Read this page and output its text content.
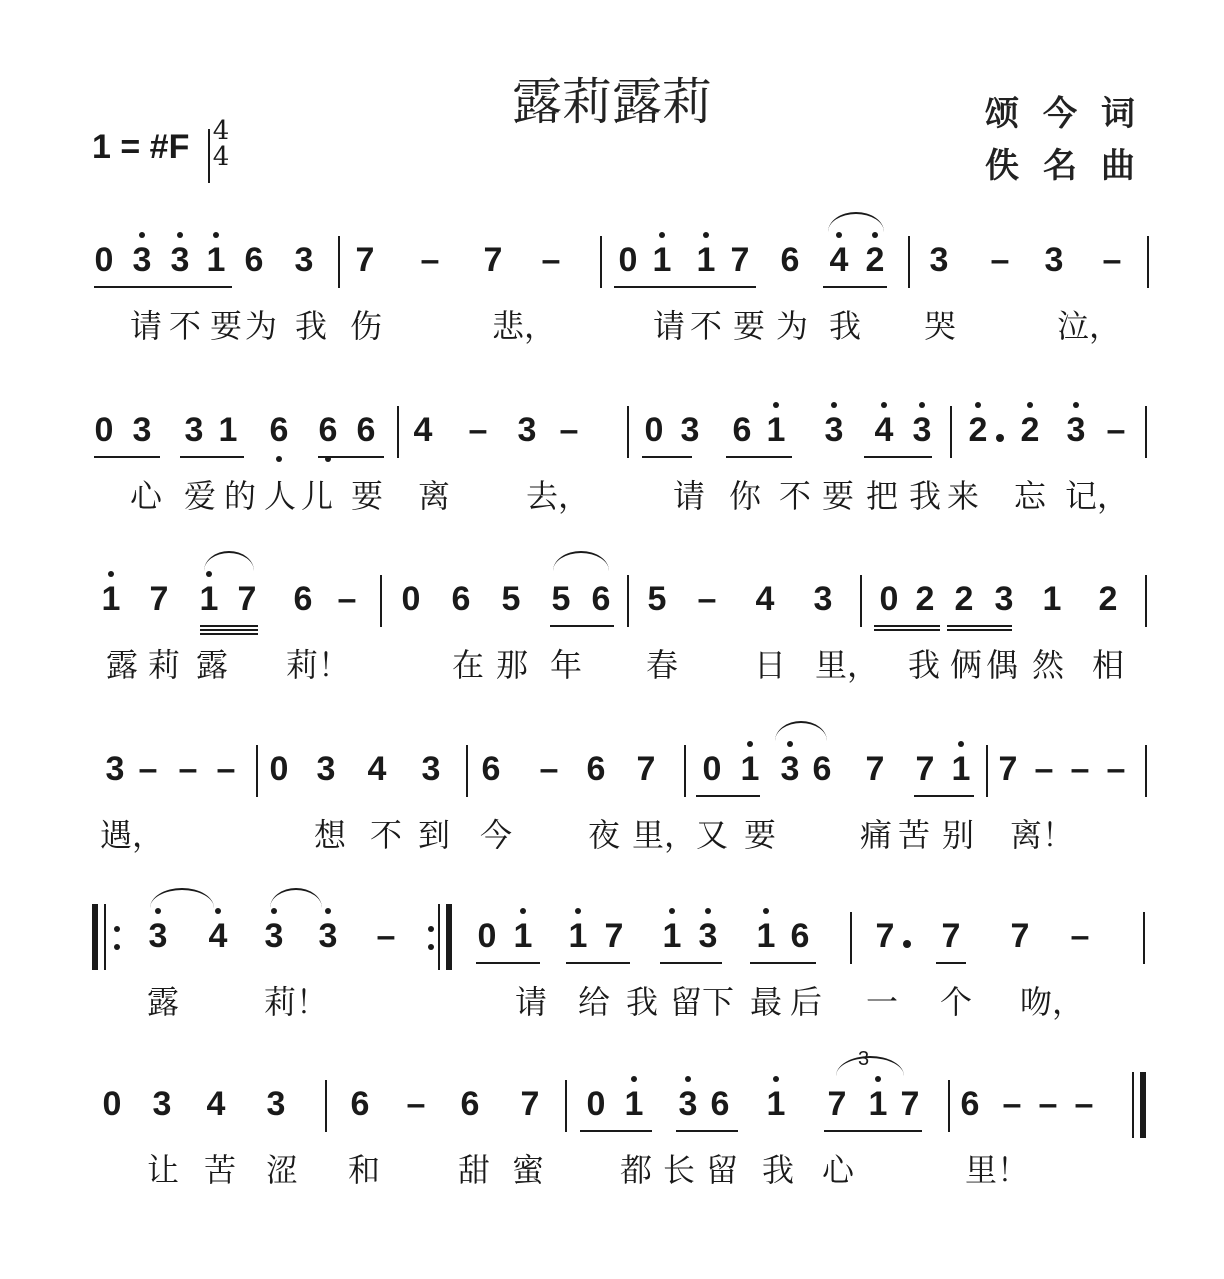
露莉露莉	颂今词
佚名曲
1 = #F 4
4
0 3 3 1 6 3 7 – 7 – 0 1 1 7 6 4 2 3 – 3 –
请 不 要 为 我 伤	悲，	请 不 要 为 我 哭	泣，
0 3 3 1 6 6 6 4 – 3 – 0 3 6 1 3 4 3 2 2 3 –
心 爱 的 人 儿 要 离 去，	请 你 不 要 把 我 来 忘 记，
1 7 1 7 6 – 0 6 5 5 6 5 – 4 3 0 2 2 3 1 2
露 莉 露 莉！	在 那 年 春 日 里， 我 俩 偶 然 相
3 – – – 0 3 4 3 6 – 6 7 0 1 3 6 7 7 1 7 – – –
遇，	想 不 到 今 夜 里， 又 要	痛 苦 别 离！
3 4 3 3 – 0 1 1 7 1 3 1 6 7 7 7 –
露	莉！	请 给 我 留 下 最 后 一 个 吻，
0 3 4 3 6 – 6 7 0 1 3 6 1 7 1 7 6 – – –
3
让 苦 涩 和 甜 蜜 都 长 留 我 心	里！
